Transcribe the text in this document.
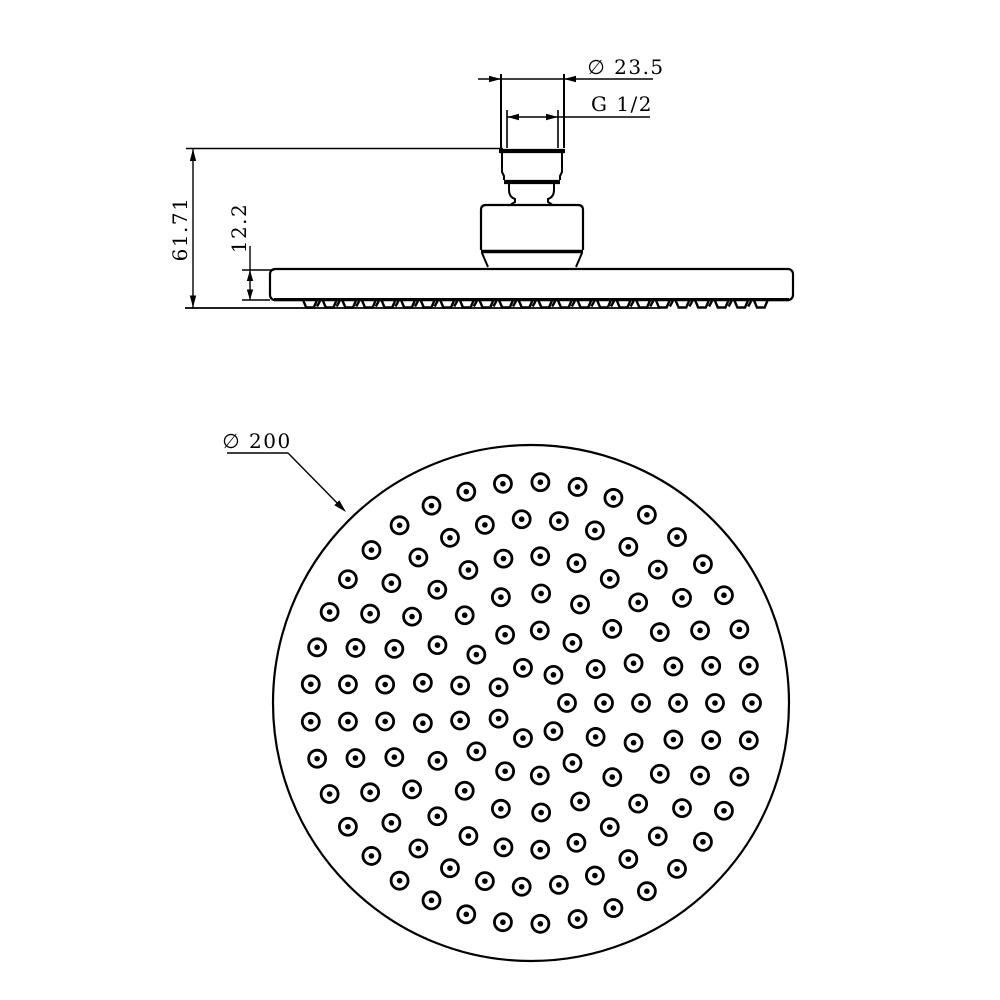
∅ 23.5
G 1/2
61.71 12.2
∅ 200
